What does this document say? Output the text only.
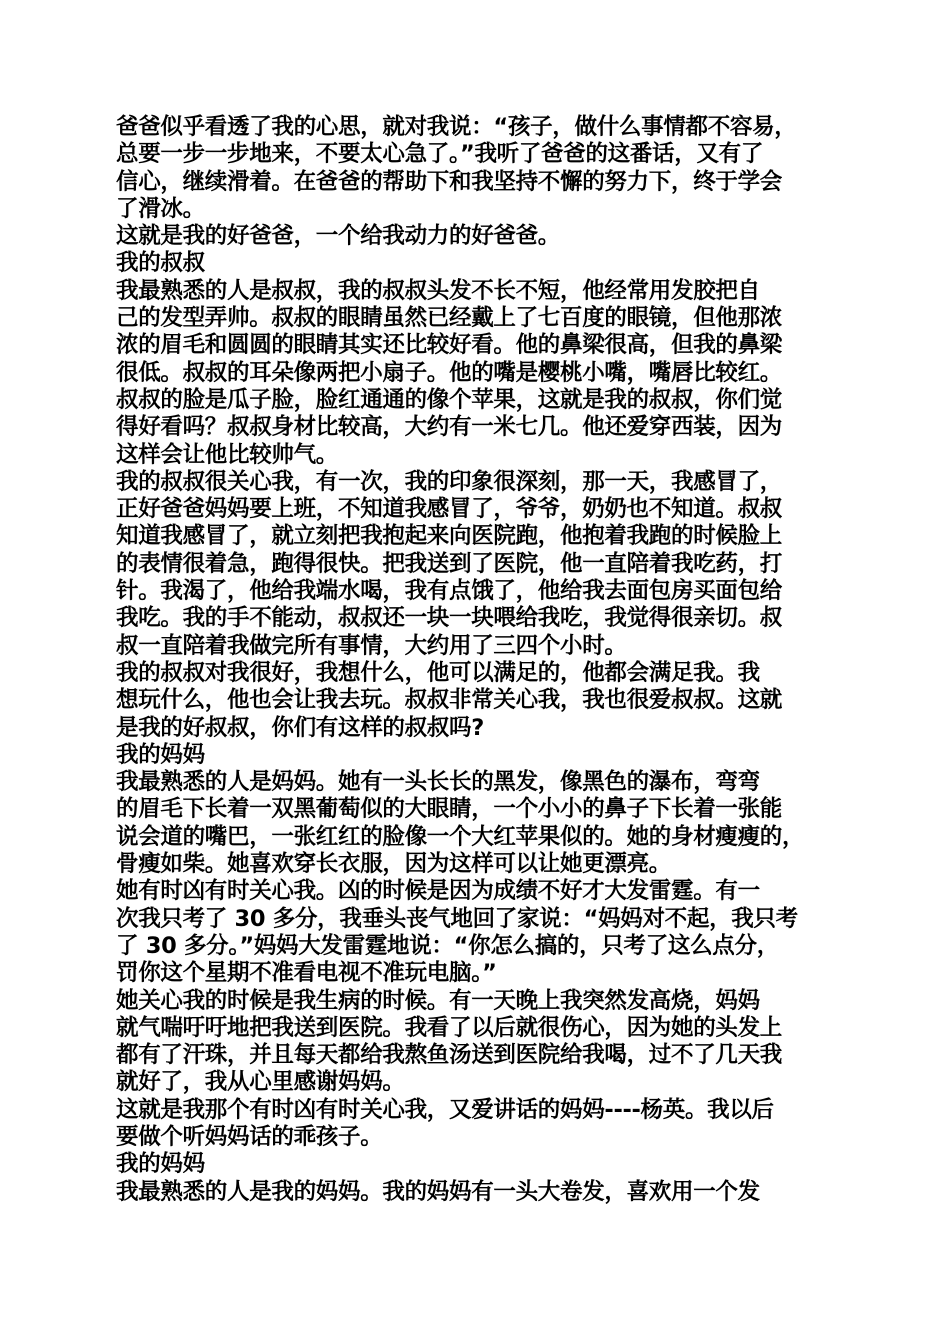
爸爸似乎看透了我的心思，就对我说：“孩子，做什么事情都不容易，
总要一步一步地来，不要太心急了。”我听了爸爸的这番话，又有了
信心，继续滑着。在爸爸的帮助下和我坚持不懈的努力下，终于学会
了滑冰。
这就是我的好爸爸，一个给我动力的好爸爸。
我的叔叔
我最熟悉的人是叔叔，我的叔叔头发不长不短，他经常用发胶把自
己的发型弄帅。叔叔的眼睛虽然已经戴上了七百度的眼镜，但他那浓
浓的眉毛和圆圆的眼睛其实还比较好看。他的鼻梁很高，但我的鼻梁
很低。叔叔的耳朵像两把小扇子。他的嘴是樱桃小嘴，嘴唇比较红。
叔叔的脸是瓜子脸，脸红通通的像个苹果，这就是我的叔叔，你们觉
得好看吗？叔叔身材比较高，大约有一米七几。他还爱穿西装，因为
这样会让他比较帅气。
我的叔叔很关心我，有一次，我的印象很深刻，那一天，我感冒了，
正好爸爸妈妈要上班，不知道我感冒了，爷爷，奶奶也不知道。叔叔
知道我感冒了，就立刻把我抱起来向医院跑，他抱着我跑的时候脸上
的表情很着急，跑得很快。把我送到了医院，他一直陪着我吃药，打
针。我渴了，他给我端水喝，我有点饿了，他给我去面包房买面包给
我吃。我的手不能动，叔叔还一块一块喂给我吃，我觉得很亲切。叔
叔一直陪着我做完所有事情，大约用了三四个小时。
我的叔叔对我很好，我想什么，他可以满足的，他都会满足我。我
想玩什么，他也会让我去玩。叔叔非常关心我，我也很爱叔叔。这就
是我的好叔叔，你们有这样的叔叔吗?
我的妈妈
我最熟悉的人是妈妈。她有一头长长的黑发，像黑色的瀑布，弯弯
的眉毛下长着一双黑葡萄似的大眼睛，一个小小的鼻子下长着一张能
说会道的嘴巴，一张红红的脸像一个大红苹果似的。她的身材瘦瘦的，
骨瘦如柴。她喜欢穿长衣服，因为这样可以让她更漂亮。
她有时凶有时关心我。凶的时候是因为成绩不好才大发雷霆。有一
次我只考了 30 多分，我垂头丧气地回了家说：“妈妈对不起，我只考
了 30 多分。”妈妈大发雷霆地说：“你怎么搞的，只考了这么点分，
罚你这个星期不准看电视不准玩电脑。”
她关心我的时候是我生病的时候。有一天晚上我突然发高烧，妈妈
就气喘吁吁地把我送到医院。我看了以后就很伤心，因为她的头发上
都有了汗珠，并且每天都给我熬鱼汤送到医院给我喝，过不了几天我
就好了，我从心里感谢妈妈。
这就是我那个有时凶有时关心我，又爱讲话的妈妈----杨英。我以后
要做个听妈妈话的乖孩子。
我的妈妈
我最熟悉的人是我的妈妈。我的妈妈有一头大卷发，喜欢用一个发
